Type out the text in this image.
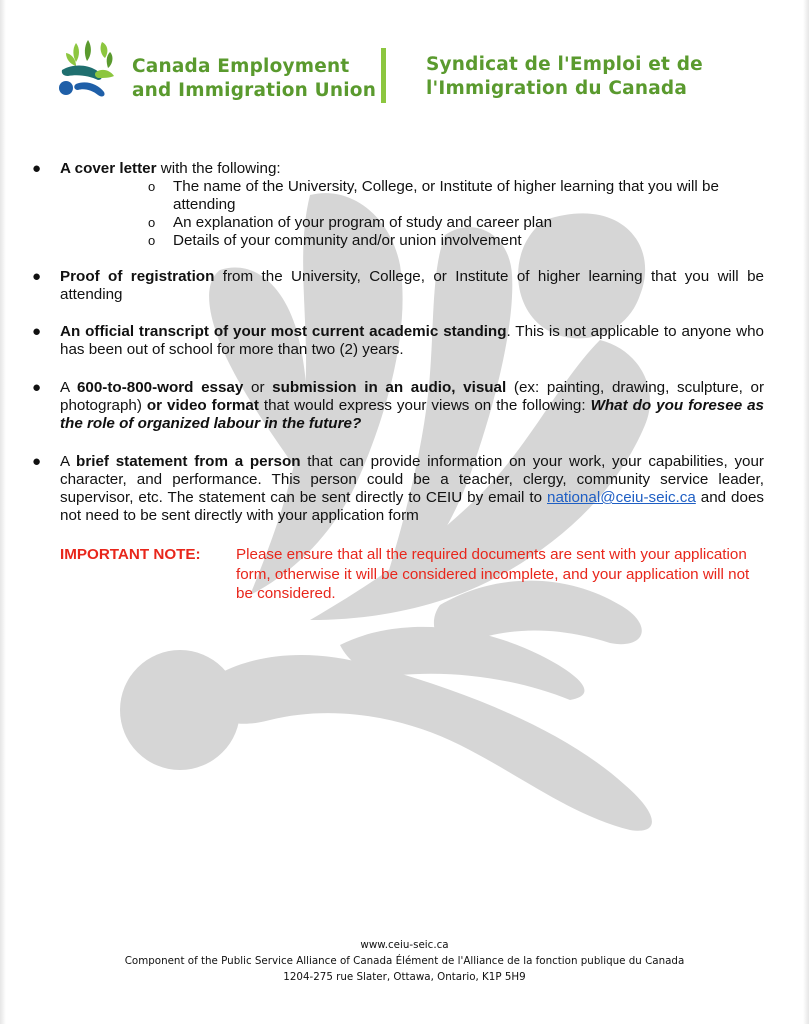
Canada Employment
and Immigration Union
Syndicat de l'Emploi et de
l'Immigration du Canada
● A cover letter with the following:
o The name of the University, College, or Institute of higher learning that you will be attending
o An explanation of your program of study and career plan
o Details of your community and/or union involvement
● Proof of registration from the University, College, or Institute of higher learning that you will be attending
● An official transcript of your most current academic standing. This is not applicable to anyone who has been out of school for more than two (2) years.
● A 600-to-800-word essay or submission in an audio, visual (ex: painting, drawing, sculpture, or photograph) or video format that would express your views on the following: What do you foresee as the role of organized labour in the future?
● A brief statement from a person that can provide information on your work, your capabilities, your character, and performance. This person could be a teacher, clergy, community service leader, supervisor, etc. The statement can be sent directly to CEIU by email to national@ceiu-seic.ca and does not need to be sent directly with your application form
IMPORTANT NOTE: Please ensure that all the required documents are sent with your application form, otherwise it will be considered incomplete, and your application will not be considered.
www.ceiu-seic.ca
Component of the Public Service Alliance of Canada Élément de l'Alliance de la fonction publique du Canada
1204-275 rue Slater, Ottawa, Ontario, K1P 5H9
